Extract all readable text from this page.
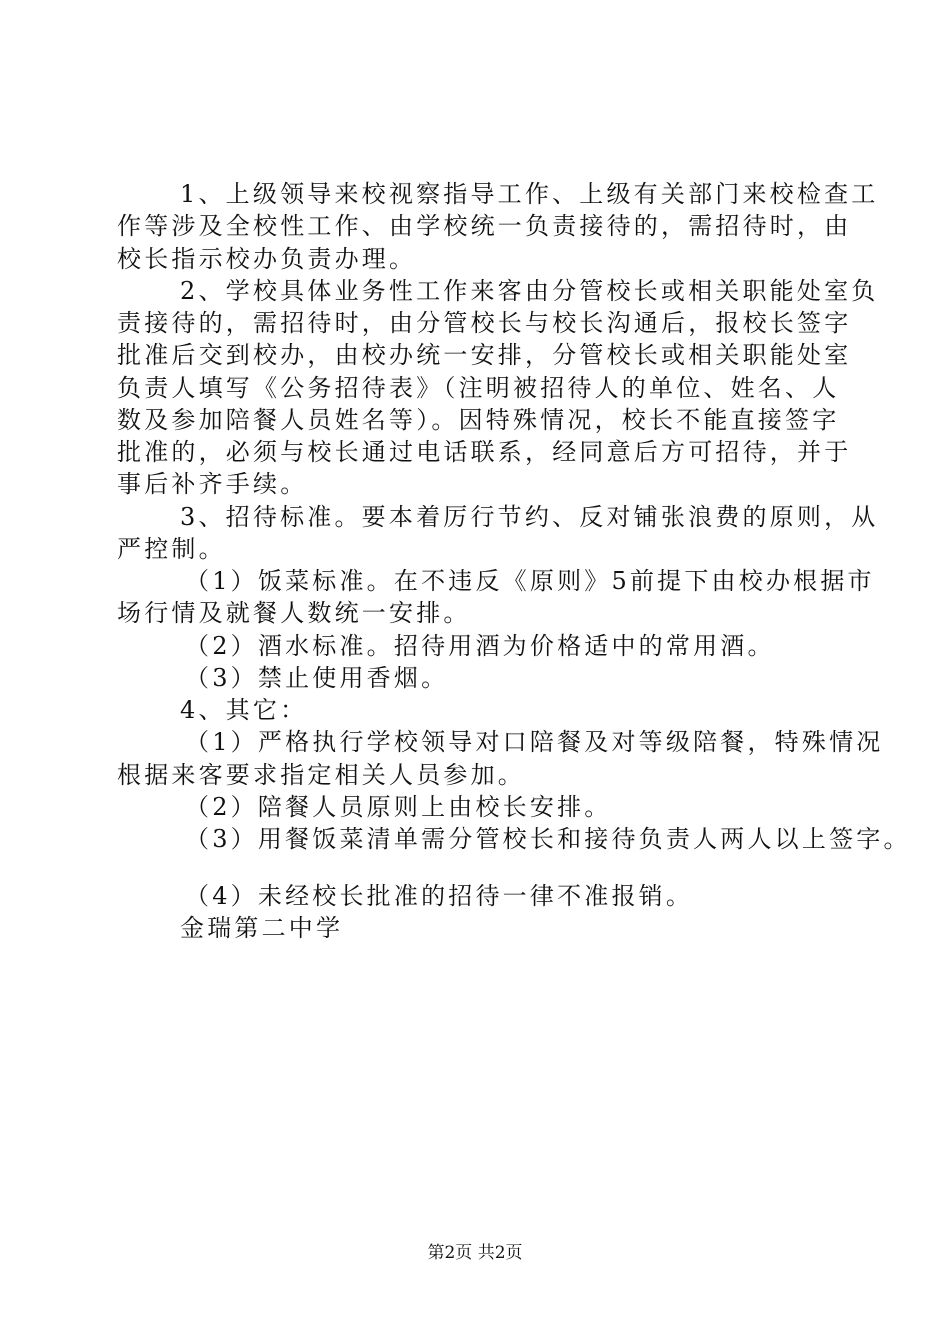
1、上级领导来校视察指导工作、上级有关部门来校检查工
作等涉及全校性工作、由学校统一负责接待的，需招待时，由
校长指示校办负责办理。
2、学校具体业务性工作来客由分管校长或相关职能处室负
责接待的，需招待时，由分管校长与校长沟通后，报校长签字
批准后交到校办，由校办统一安排，分管校长或相关职能处室
负责人填写《公务招待表》（注明被招待人的单位、姓名、人
数及参加陪餐人员姓名等）。因特殊情况，校长不能直接签字
批准的，必须与校长通过电话联系，经同意后方可招待，并于
事后补齐手续。
3、招待标准。要本着厉行节约、反对铺张浪费的原则，从
严控制。
（1）饭菜标准。在不违反《原则》5前提下由校办根据市
场行情及就餐人数统一安排。
（2）酒水标准。招待用酒为价格适中的常用酒。
（3）禁止使用香烟。
4、其它：
（1）严格执行学校领导对口陪餐及对等级陪餐，特殊情况
根据来客要求指定相关人员参加。
（2）陪餐人员原则上由校长安排。
（3）用餐饭菜清单需分管校长和接待负责人两人以上签字。
（4）未经校长批准的招待一律不准报销。
金瑞第二中学
第2页 共2页
